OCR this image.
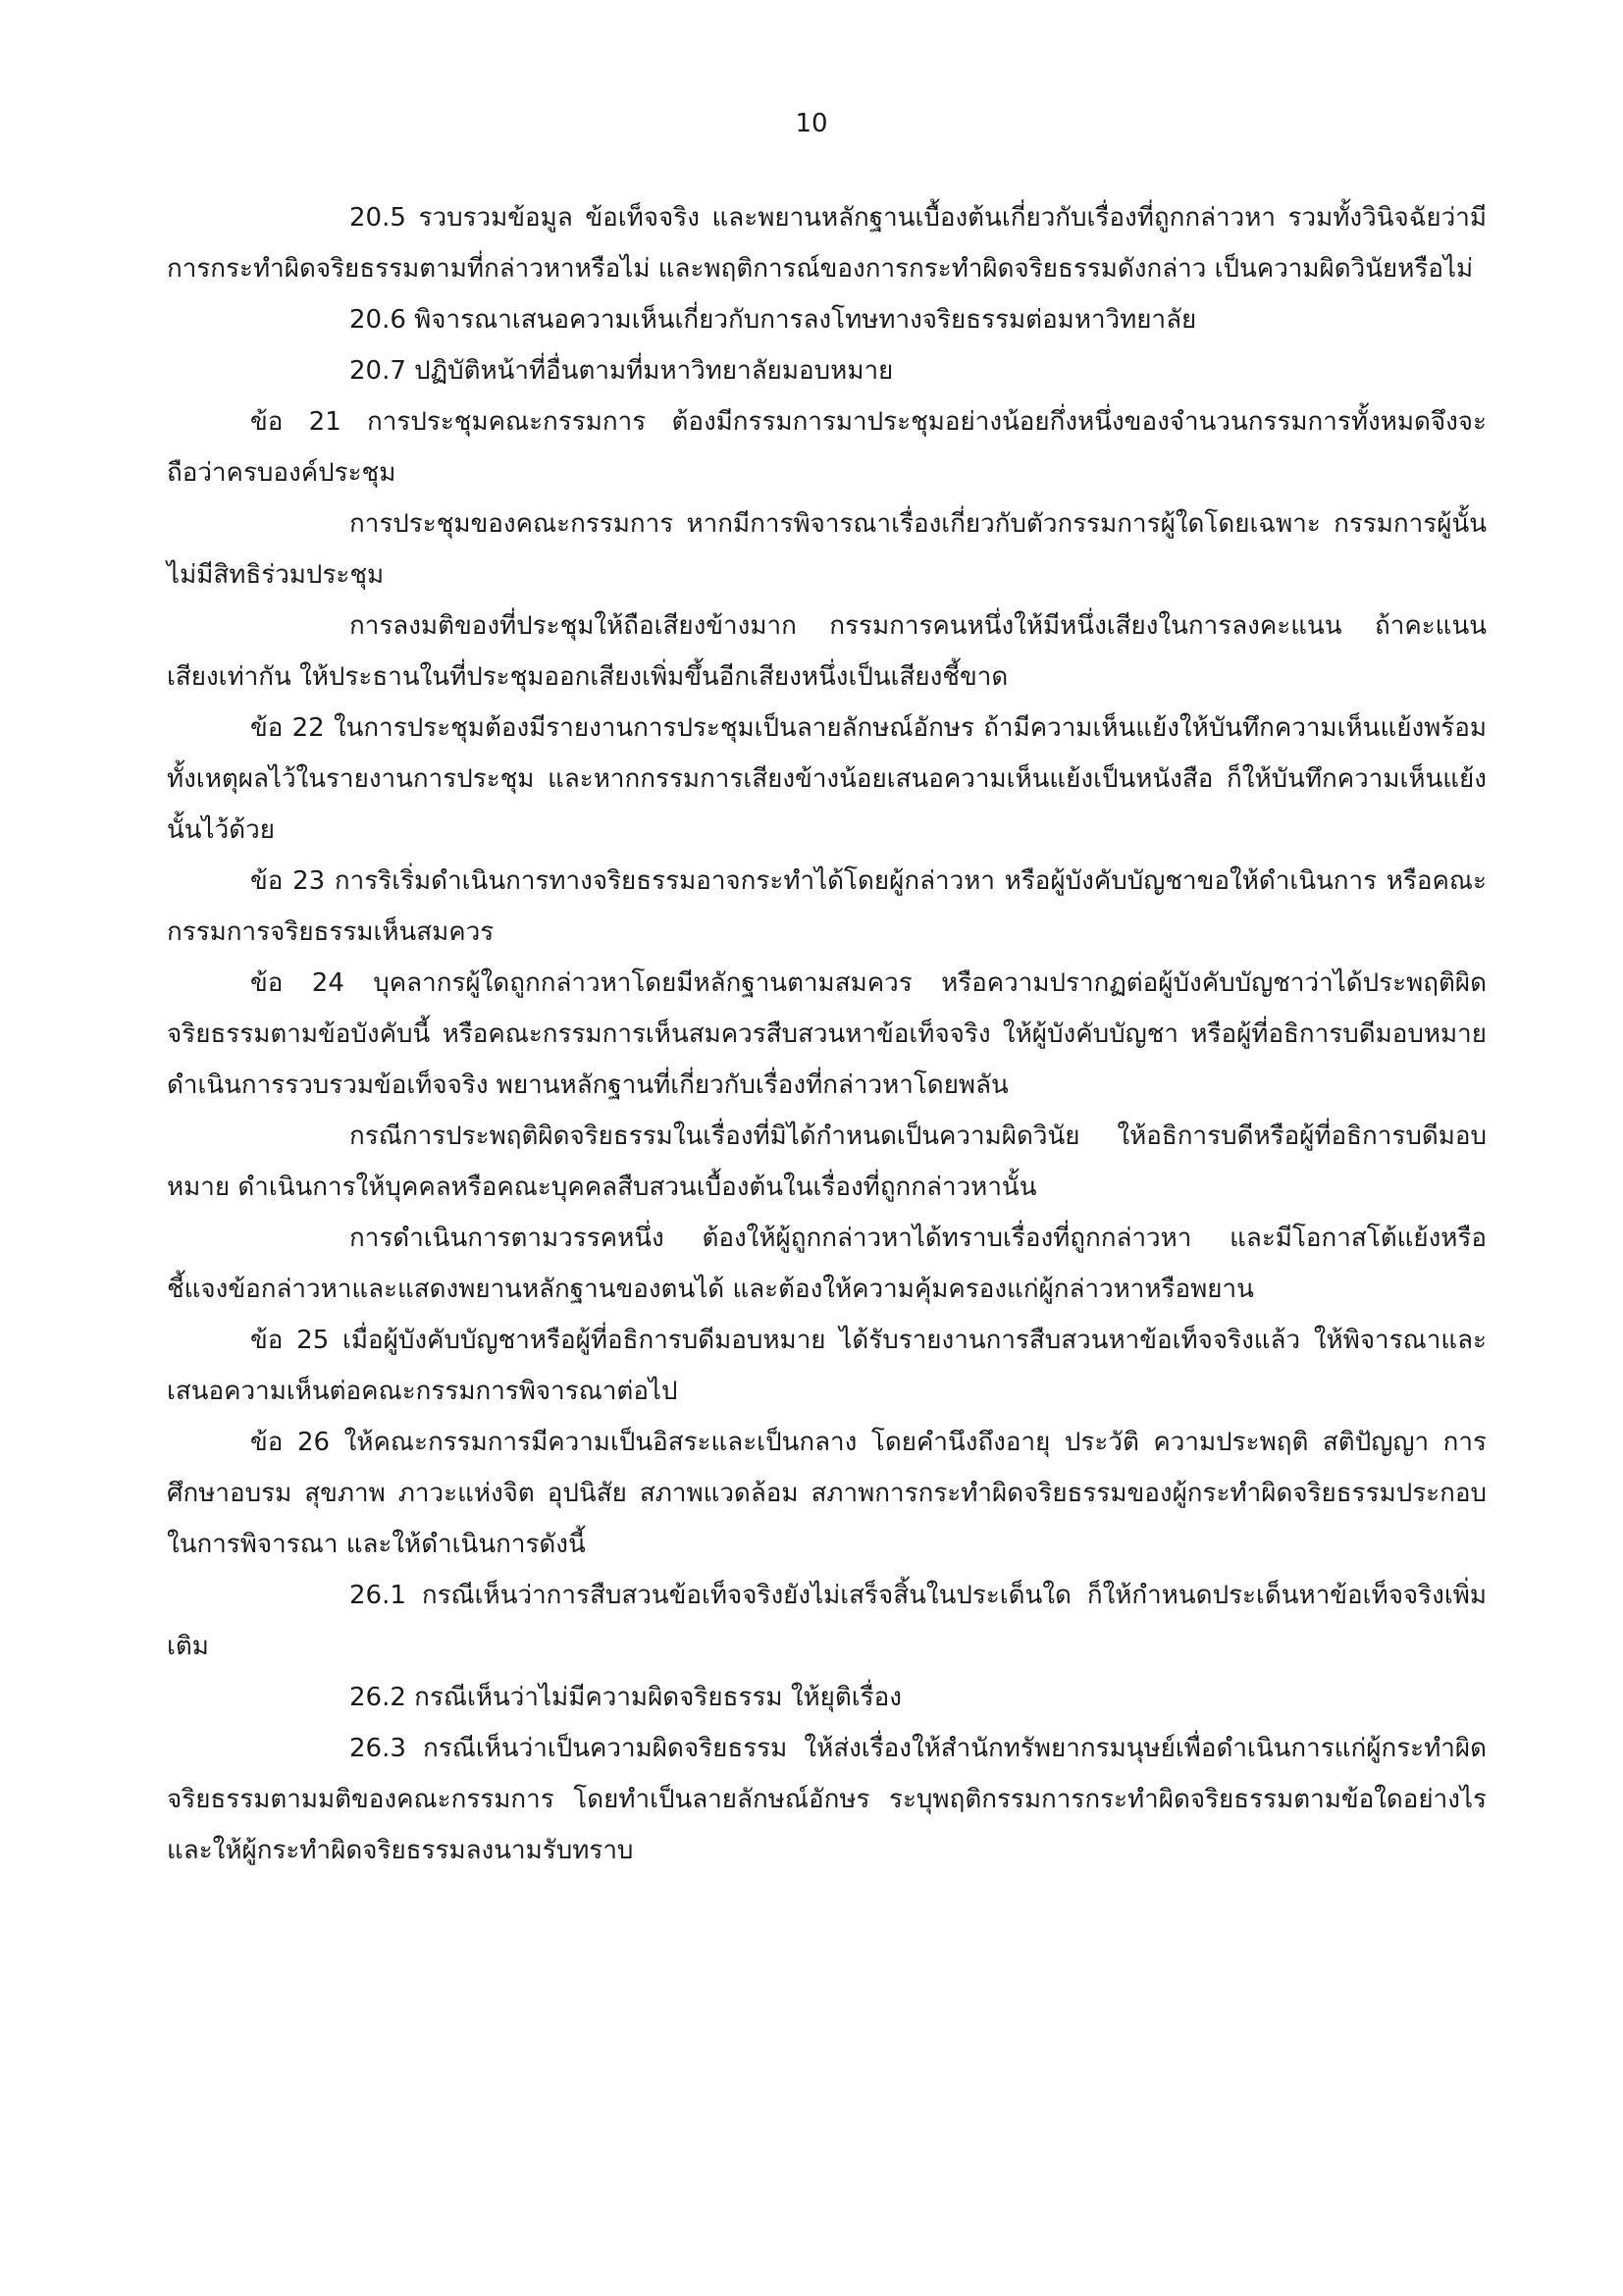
10

20.5 รวบรวมข้อมูล ข้อเท็จจริง และพยานหลักฐานเบื้องต้นเกี่ยวกับเรื่องที่ถูกกล่าวหา รวมทั้งวินิจฉัยว่ามีการกระทำผิดจริยธรรมตามที่กล่าวหาหรือไม่ และพฤติการณ์ของการกระทำผิดจริยธรรมดังกล่าว เป็นความผิดวินัยหรือไม่

20.6 พิจารณาเสนอความเห็นเกี่ยวกับการลงโทษทางจริยธรรมต่อมหาวิทยาลัย

20.7 ปฏิบัติหน้าที่อื่นตามที่มหาวิทยาลัยมอบหมาย

ข้อ 21 การประชุมคณะกรรมการ ต้องมีกรรมการมาประชุมอย่างน้อยกึ่งหนึ่งของจำนวนกรรมการทั้งหมดจึงจะถือว่าครบองค์ประชุม

การประชุมของคณะกรรมการ หากมีการพิจารณาเรื่องเกี่ยวกับตัวกรรมการผู้ใดโดยเฉพาะ กรรมการผู้นั้นไม่มีสิทธิร่วมประชุม

การลงมติของที่ประชุมให้ถือเสียงข้างมาก กรรมการคนหนึ่งให้มีหนึ่งเสียงในการลงคะแนน ถ้าคะแนนเสียงเท่ากัน ให้ประธานในที่ประชุมออกเสียงเพิ่มขึ้นอีกเสียงหนึ่งเป็นเสียงชี้ขาด

ข้อ 22 ในการประชุมต้องมีรายงานการประชุมเป็นลายลักษณ์อักษร ถ้ามีความเห็นแย้งให้บันทึกความเห็นแย้งพร้อมทั้งเหตุผลไว้ในรายงานการประชุม และหากกรรมการเสียงข้างน้อยเสนอความเห็นแย้งเป็นหนังสือ ก็ให้บันทึกความเห็นแย้งนั้นไว้ด้วย

ข้อ 23 การริเริ่มดำเนินการทางจริยธรรมอาจกระทำได้โดยผู้กล่าวหา หรือผู้บังคับบัญชาขอให้ดำเนินการ หรือคณะกรรมการจริยธรรมเห็นสมควร

ข้อ 24 บุคลากรผู้ใดถูกกล่าวหาโดยมีหลักฐานตามสมควร หรือความปรากฏต่อผู้บังคับบัญชาว่าได้ประพฤติผิดจริยธรรมตามข้อบังคับนี้ หรือคณะกรรมการเห็นสมควรสืบสวนหาข้อเท็จจริง ให้ผู้บังคับบัญชา หรือผู้ที่อธิการบดีมอบหมายดำเนินการรวบรวมข้อเท็จจริง พยานหลักฐานที่เกี่ยวกับเรื่องที่กล่าวหาโดยพลัน

กรณีการประพฤติผิดจริยธรรมในเรื่องที่มิได้กำหนดเป็นความผิดวินัย ให้อธิการบดีหรือผู้ที่อธิการบดีมอบหมาย ดำเนินการให้บุคคลหรือคณะบุคคลสืบสวนเบื้องต้นในเรื่องที่ถูกกล่าวหานั้น

การดำเนินการตามวรรคหนึ่ง ต้องให้ผู้ถูกกล่าวหาได้ทราบเรื่องที่ถูกกล่าวหา และมีโอกาสโต้แย้งหรือชี้แจงข้อกล่าวหาและแสดงพยานหลักฐานของตนได้ และต้องให้ความคุ้มครองแก่ผู้กล่าวหาหรือพยาน

ข้อ 25 เมื่อผู้บังคับบัญชาหรือผู้ที่อธิการบดีมอบหมาย ได้รับรายงานการสืบสวนหาข้อเท็จจริงแล้ว ให้พิจารณาและเสนอความเห็นต่อคณะกรรมการพิจารณาต่อไป

ข้อ 26 ให้คณะกรรมการมีความเป็นอิสระและเป็นกลาง โดยคำนึงถึงอายุ ประวัติ ความประพฤติ สติปัญญา การศึกษาอบรม สุขภาพ ภาวะแห่งจิต อุปนิสัย สภาพแวดล้อม สภาพการกระทำผิดจริยธรรมของผู้กระทำผิดจริยธรรมประกอบในการพิจารณา และให้ดำเนินการดังนี้

26.1 กรณีเห็นว่าการสืบสวนข้อเท็จจริงยังไม่เสร็จสิ้นในประเด็นใด ก็ให้กำหนดประเด็นหาข้อเท็จจริงเพิ่มเติม

26.2 กรณีเห็นว่าไม่มีความผิดจริยธรรม ให้ยุติเรื่อง

26.3 กรณีเห็นว่าเป็นความผิดจริยธรรม ให้ส่งเรื่องให้สำนักทรัพยากรมนุษย์เพื่อดำเนินการแก่ผู้กระทำผิดจริยธรรมตามมติของคณะกรรมการ โดยทำเป็นลายลักษณ์อักษร ระบุพฤติกรรมการกระทำผิดจริยธรรมตามข้อใดอย่างไร และให้ผู้กระทำผิดจริยธรรมลงนามรับทราบ
